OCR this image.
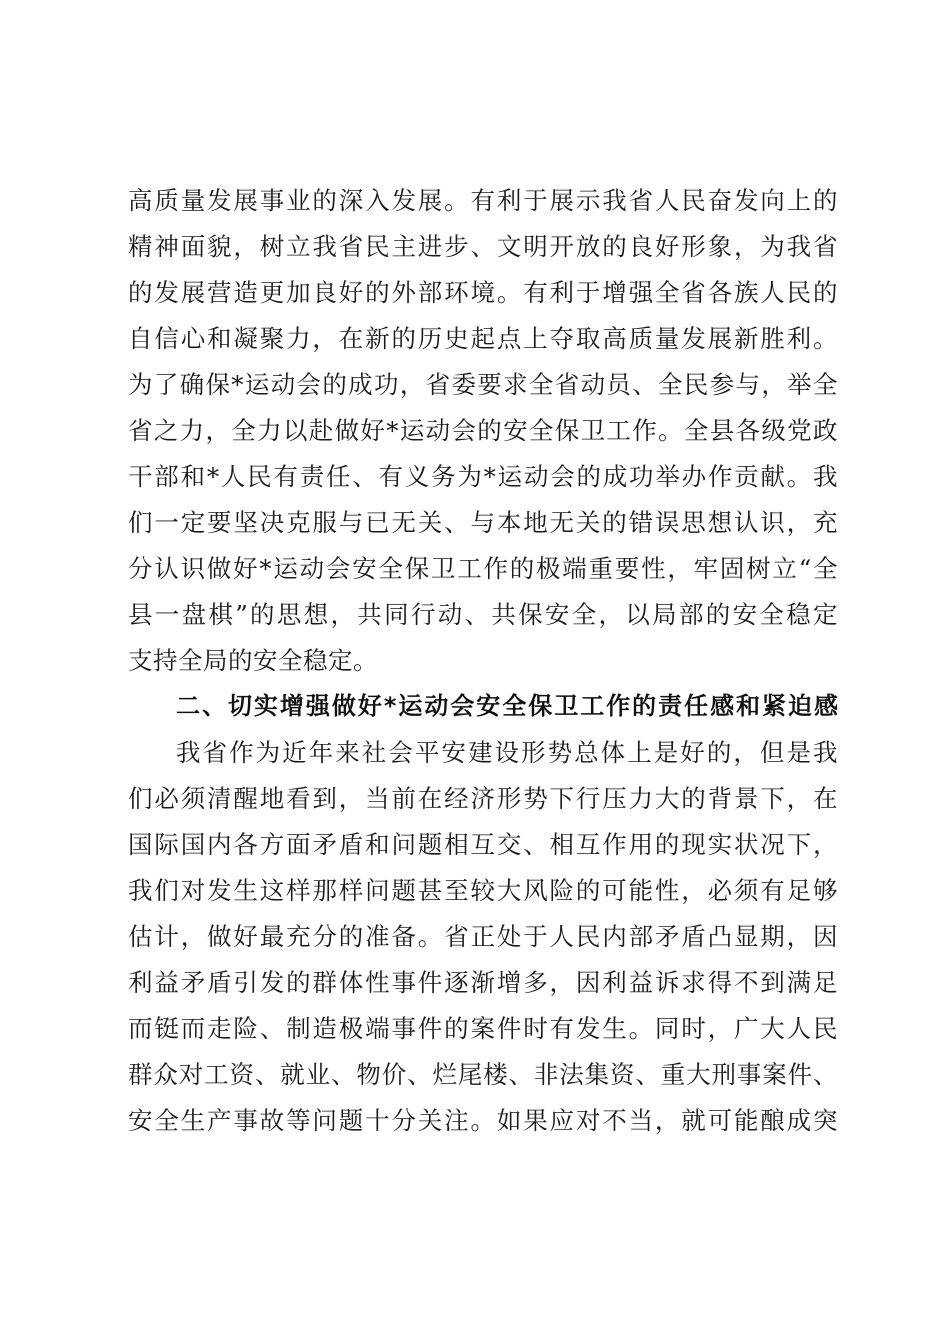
高质量发展事业的深入发展。有利于展示我省人民奋发向上的
精神面貌，树立我省民主进步、文明开放的良好形象，为我省
的发展营造更加良好的外部环境。有利于增强全省各族人民的
自信心和凝聚力，在新的历史起点上夺取高质量发展新胜利。
为了确保*运动会的成功，省委要求全省动员、全民参与，举全
省之力，全力以赴做好*运动会的安全保卫工作。全县各级党政
干部和*人民有责任、有义务为*运动会的成功举办作贡献。我
们一定要坚决克服与已无关、与本地无关的错误思想认识，充
分认识做好*运动会安全保卫工作的极端重要性，牢固树立“全
县一盘棋”的思想，共同行动、共保安全，以局部的安全稳定
支持全局的安全稳定。
二、切实增强做好*运动会安全保卫工作的责任感和紧迫感
我省作为近年来社会平安建设形势总体上是好的，但是我
们必须清醒地看到，当前在经济形势下行压力大的背景下，在
国际国内各方面矛盾和问题相互交、相互作用的现实状况下，
我们对发生这样那样问题甚至较大风险的可能性，必须有足够
估计，做好最充分的准备。省正处于人民内部矛盾凸显期，因
利益矛盾引发的群体性事件逐渐增多，因利益诉求得不到满足
而铤而走险、制造极端事件的案件时有发生。同时，广大人民
群众对工资、就业、物价、烂尾楼、非法集资、重大刑事案件、
安全生产事故等问题十分关注。如果应对不当，就可能酿成突
